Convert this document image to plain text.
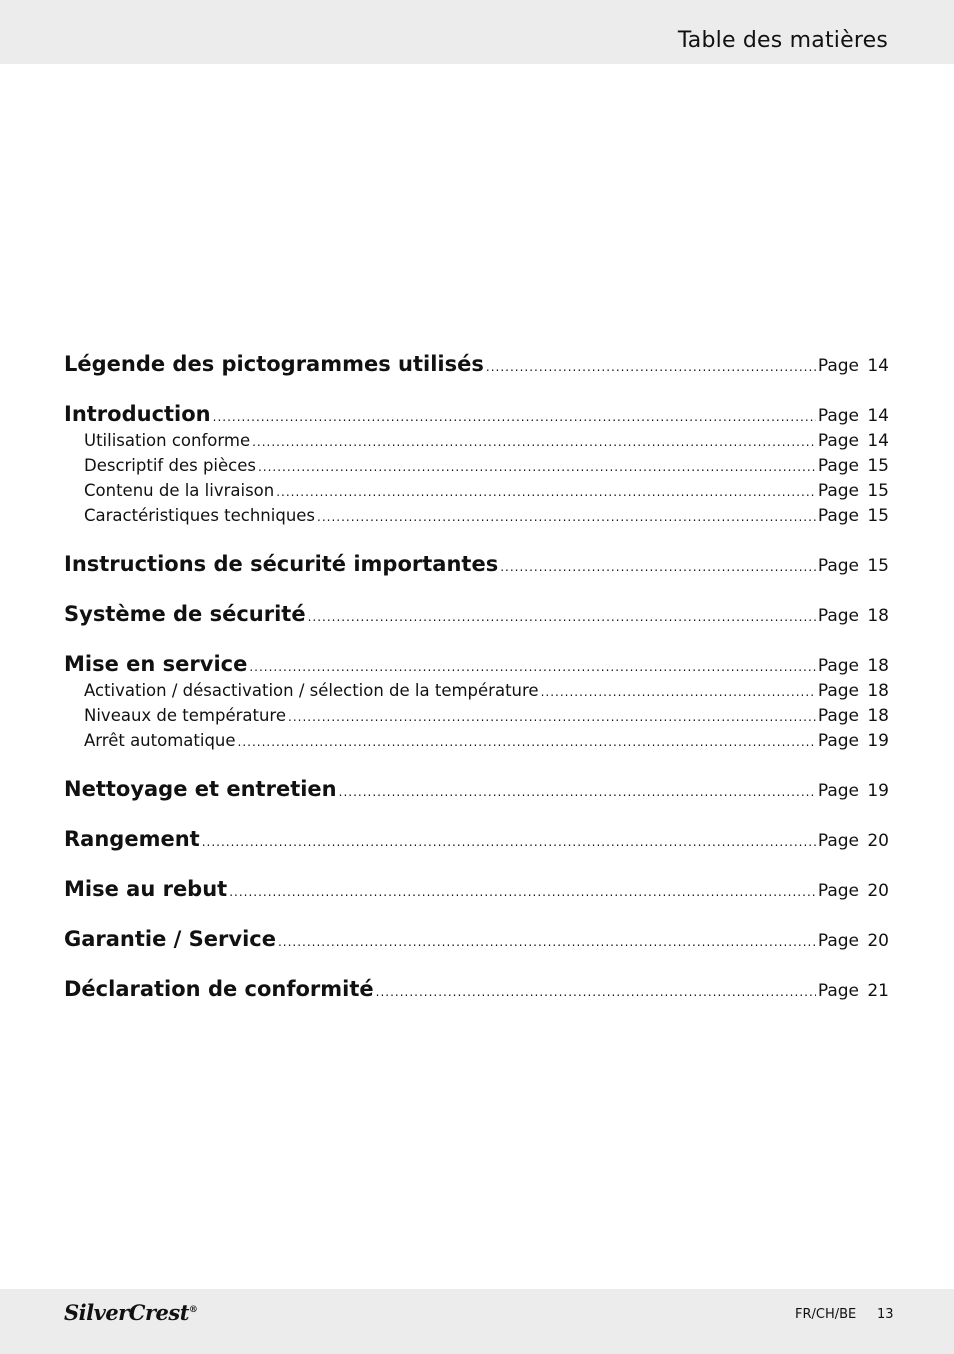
Table des matières
Légende des pictogrammes utilisés .....	Page 14
Introduction .....	Page 14
Utilisation conforme .....	Page 14
Descriptif des pièces .....	Page 15
Contenu de la livraison .....	Page 15
Caractéristiques techniques .....	Page 15
Instructions de sécurité importantes .....	Page 15
Système de sécurité .....	Page 18
Mise en service .....	Page 18
Activation / désactivation / sélection de la température .....	Page 18
Niveaux de température .....	Page 18
Arrêt automatique .....	Page 19
Nettoyage et entretien .....	Page 19
Rangement .....	Page 20
Mise au rebut .....	Page 20
Garantie / Service .....	Page 20
Déclaration de conformité .....	Page 21
SilverCrest®	FR/CH/BE 13
